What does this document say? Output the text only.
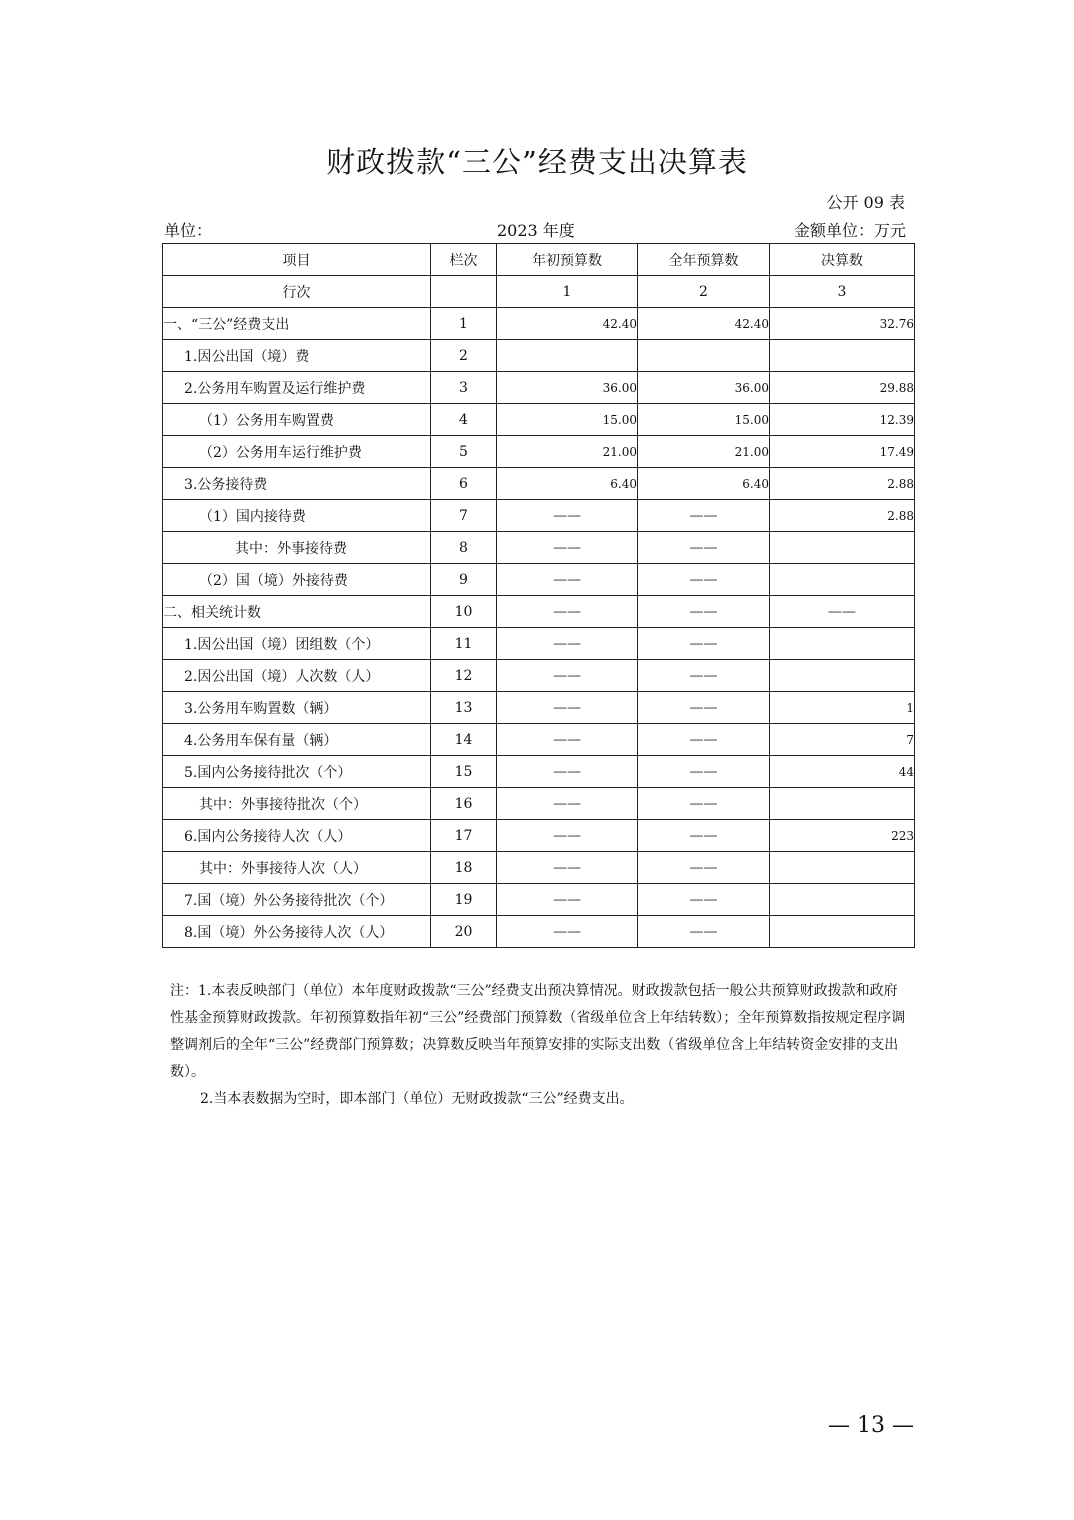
财政拨款“三公”经费支出决算表
公开 09 表
单位：	2023 年度	金额单位：万元
项目	栏次	年初预算数	全年预算数	决算数
行次		1	2	3
一、“三公”经费支出	1	42.40	42.40	32.76
1.因公出国（境）费	2			
2.公务用车购置及运行维护费	3	36.00	36.00	29.88
（1）公务用车购置费	4	15.00	15.00	12.39
（2）公务用车运行维护费	5	21.00	21.00	17.49
3.公务接待费	6	6.40	6.40	2.88
（1）国内接待费	7	——	——	2.88
其中：外事接待费	8	——	——	
（2）国（境）外接待费	9	——	——	
二、相关统计数	10	——	——	——
1.因公出国（境）团组数（个）	11	——	——	
2.因公出国（境）人次数（人）	12	——	——	
3.公务用车购置数（辆）	13	——	——	1
4.公务用车保有量（辆）	14	——	——	7
5.国内公务接待批次（个）	15	——	——	44
其中：外事接待批次（个）	16	——	——	
6.国内公务接待人次（人）	17	——	——	223
其中：外事接待人次（人）	18	——	——	
7.国（境）外公务接待批次（个）	19	——	——	
8.国（境）外公务接待人次（人）	20	——	——	

注：1.本表反映部门（单位）本年度财政拨款“三公”经费支出预决算情况。财政拨款包括一般公共预算财政拨款和政府性基金预算财政拨款。年初预算数指年初“三公”经费部门预算数（省级单位含上年结转数）；全年预算数指按规定程序调整调剂后的全年“三公”经费部门预算数；决算数反映当年预算安排的实际支出数（省级单位含上年结转资金安排的支出数）。

2.当本表数据为空时，即本部门（单位）无财政拨款“三公”经费支出。

— 13 —
